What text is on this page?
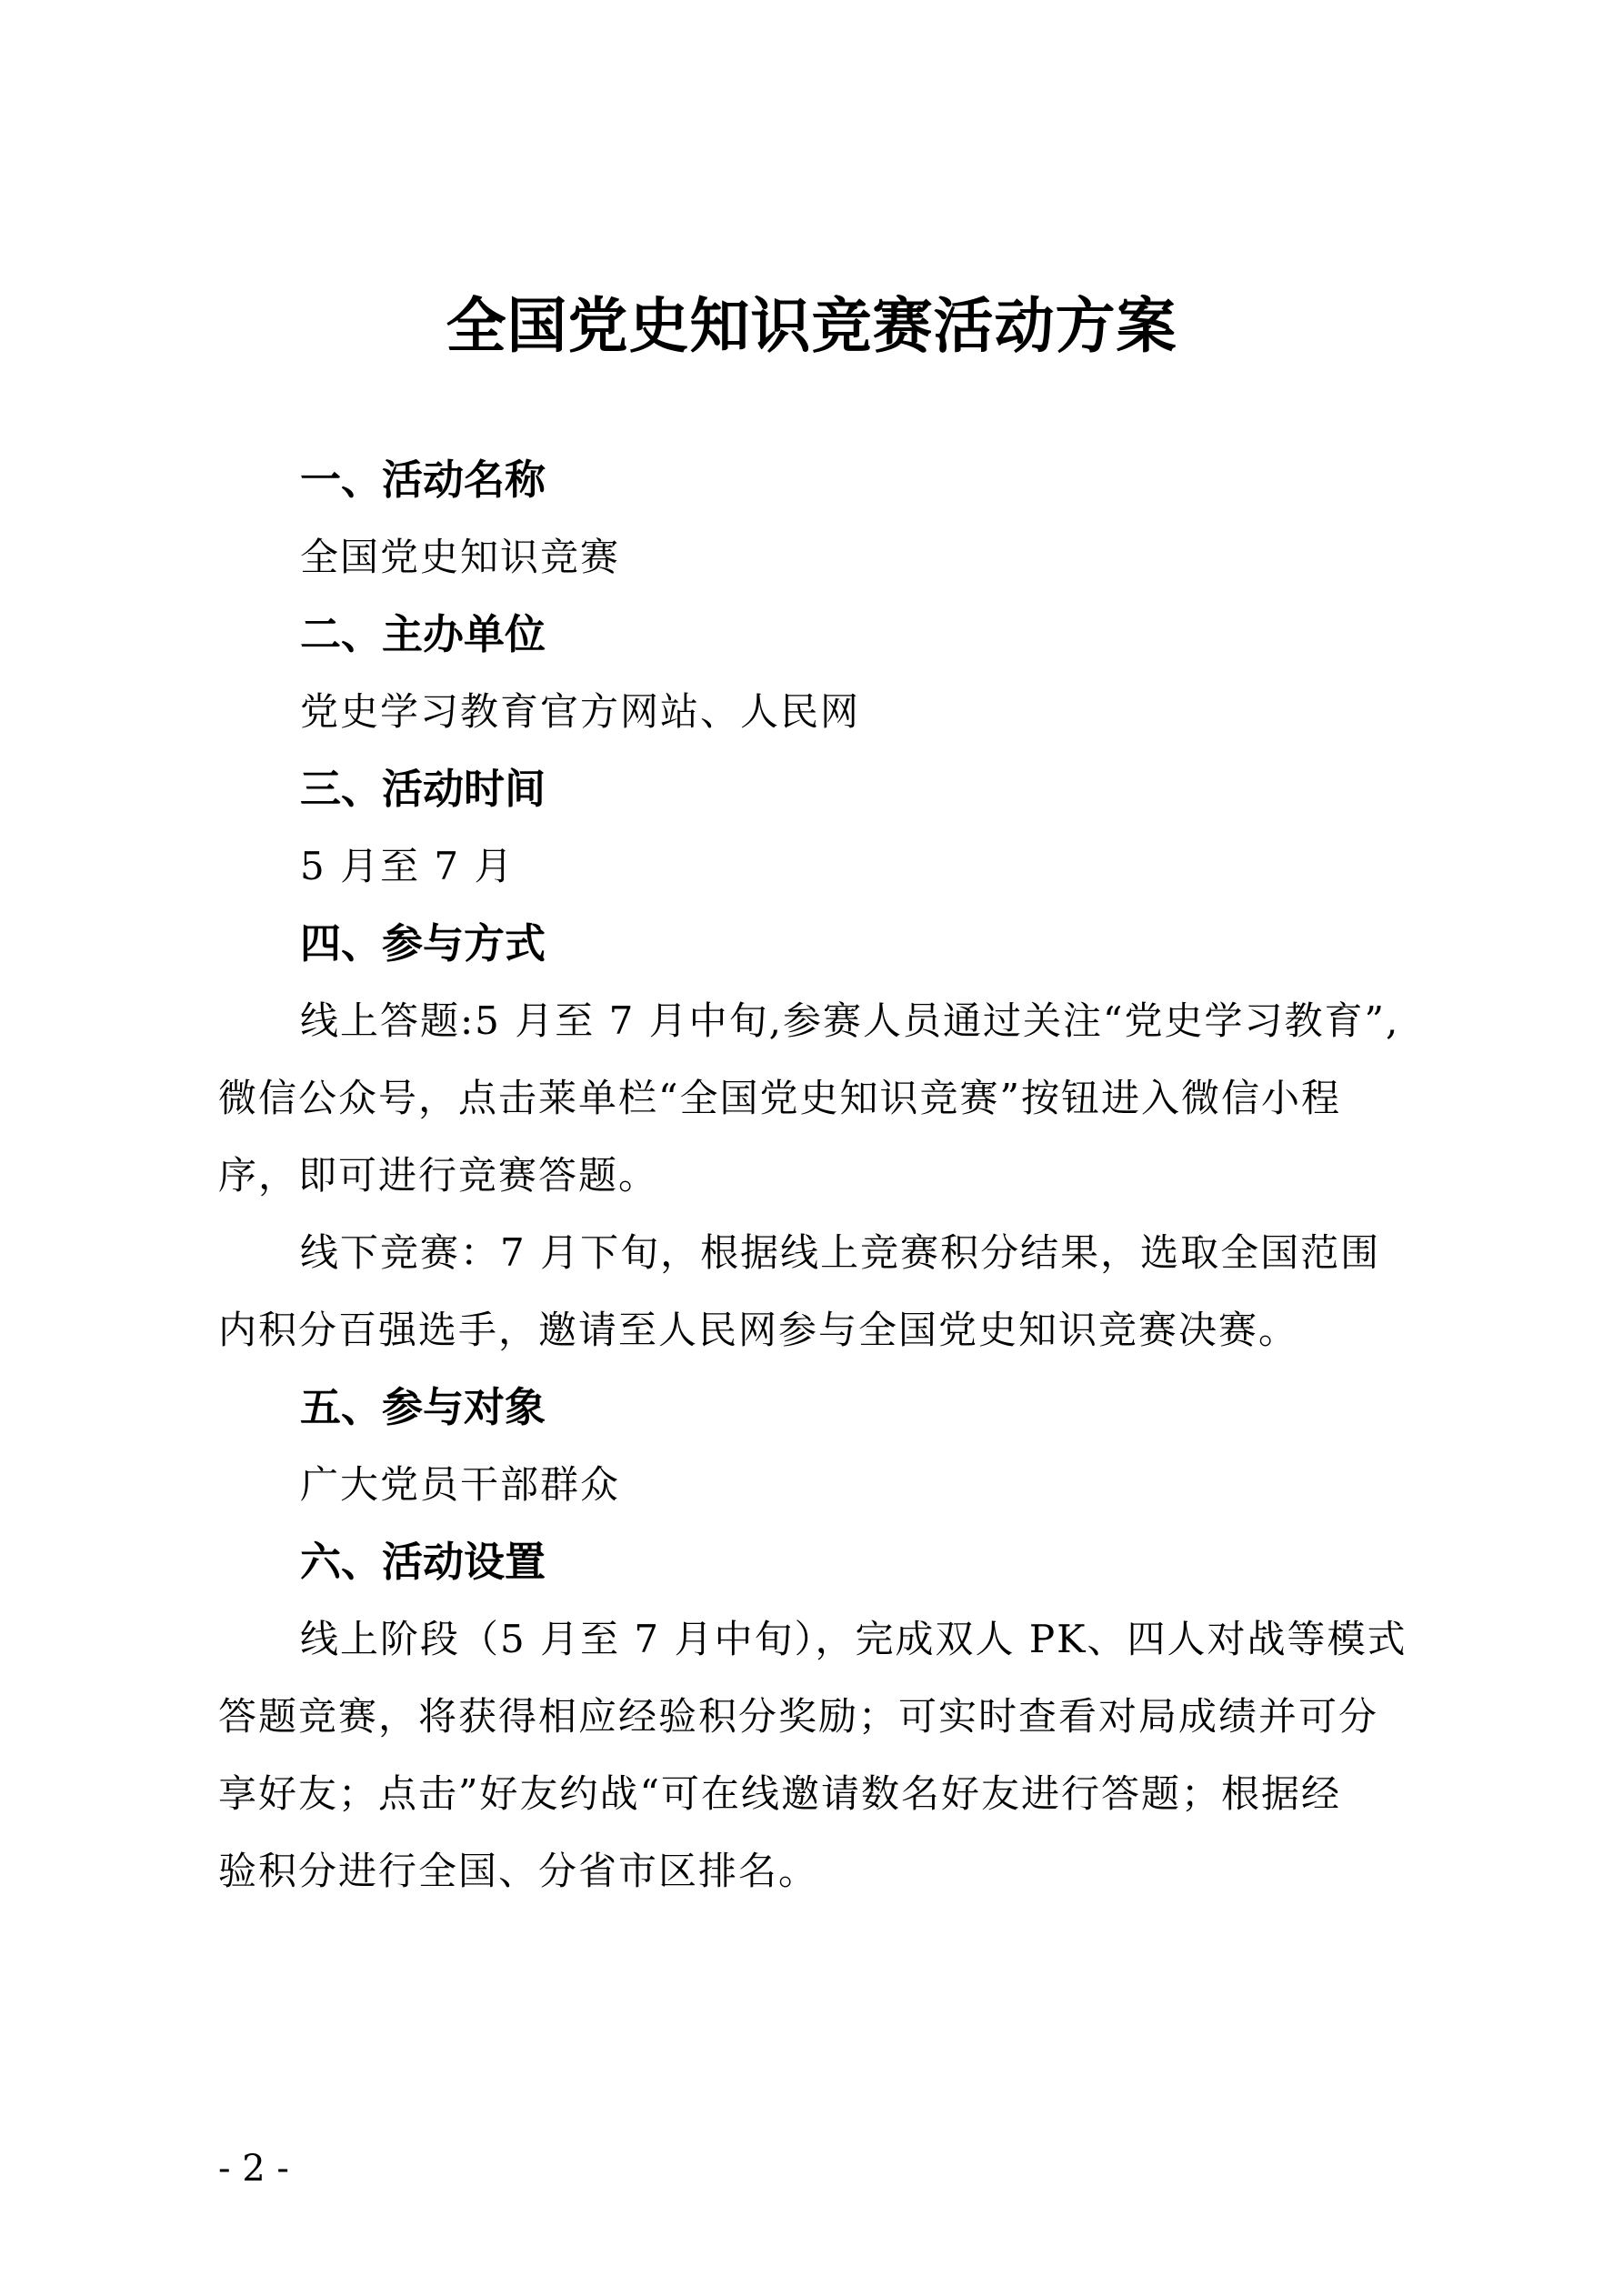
全国党史知识竞赛活动方案

一、活动名称

全国党史知识竞赛

二、主办单位

党史学习教育官方网站、人民网

三、活动时间

5 月至 7 月

四、参与方式

线上答题:5 月至 7 月中旬,参赛人员通过关注“党史学习教育”,

微信公众号，点击莱单栏“全国党史知识竞赛”按钮进入微信小程

序，即可进行竞赛答题。

线下竞赛：7 月下旬，根据线上竞赛积分结果，选取全国范围

内积分百强选手，邀请至人民网参与全国党史知识竞赛决赛。

五、参与对象

广大党员干部群众

六、活动设置

线上阶段（5 月至 7 月中旬），完成双人 PK、四人对战等模式

答题竞赛，将获得相应经验积分奖励；可实时查看对局成绩并可分

享好友；点击”好友约战“可在线邀请数名好友进行答题；根据经

验积分进行全国、分省市区排名。

- 2 -
